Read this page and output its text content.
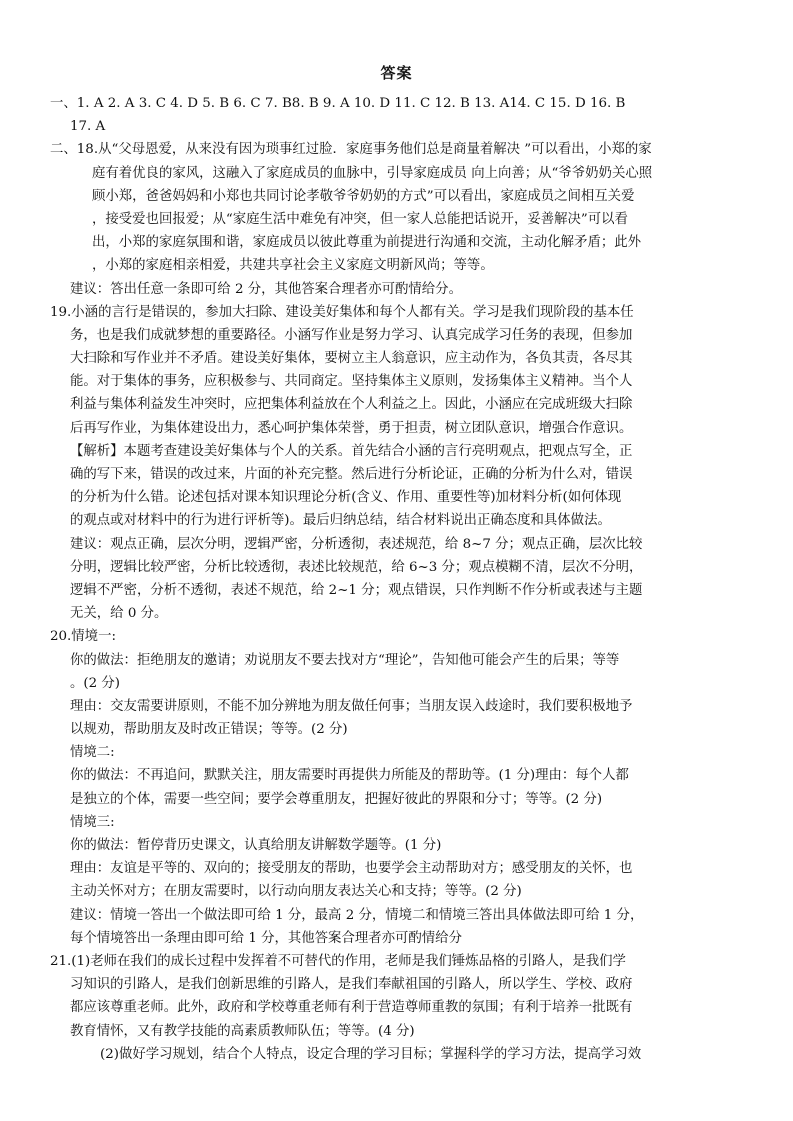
答案
一、1. A 2. A 3. C 4. D 5. B 6. C 7. B8. B 9. A 10. D 11. C 12. B 13. A14. C 15. D 16. B
17. A
二、18.从“父母恩爱，从来没有因为琐事红过脸．家庭事务他们总是商量着解决 ”可以看出，小郑的家
庭有着优良的家风，这融入了家庭成员的血脉中，引导家庭成员 向上向善；从“爷爷奶奶关心照
顾小郑，爸爸妈妈和小郑也共同讨论孝敬爷爷奶奶的方式”可以看出，家庭成员之间相互关爱
，接受爱也回报爱；从“家庭生活中难免有冲突，但一家人总能把话说开，妥善解决”可以看
出，小郑的家庭氛围和谐，家庭成员以彼此尊重为前提进行沟通和交流，主动化解矛盾；此外
，小郑的家庭相亲相爱，共建共享社会主义家庭文明新风尚；等等。
建议：答出任意一条即可给 2 分，其他答案合理者亦可酌情给分。
19.小涵的言行是错误的，参加大扫除、建设美好集体和每个人都有关。学习是我们现阶段的基本任
务，也是我们成就梦想的重要路径。小涵写作业是努力学习、认真完成学习任务的表现，但参加
大扫除和写作业并不矛盾。建设美好集体，要树立主人翁意识，应主动作为，各负其责，各尽其
能。对于集体的事务，应积极参与、共同商定。坚持集体主义原则，发扬集体主义精神。当个人
利益与集体利益发生冲突时，应把集体利益放在个人利益之上。因此，小涵应在完成班级大扫除
后再写作业，为集体建设出力，悉心呵护集体荣誉，勇于担责，树立团队意识，增强合作意识。
【解析】本题考查建设美好集体与个人的关系。首先结合小涵的言行亮明观点，把观点写全，正
确的写下来，错误的改过来，片面的补充完整。然后进行分析论证，正确的分析为什么对，错误
的分析为什么错。论述包括对课本知识理论分析(含义、作用、重要性等)加材料分析(如何体现
的观点或对材料中的行为进行评析等)。最后归纳总结，结合材料说出正确态度和具体做法。
建议：观点正确，层次分明，逻辑严密，分析透彻，表述规范，给 8~7 分；观点正确，层次比较
分明，逻辑比较严密，分析比较透彻，表述比较规范，给 6~3 分；观点模糊不清，层次不分明，
逻辑不严密，分析不透彻，表述不规范，给 2~1 分；观点错误，只作判断不作分析或表述与主题
无关，给 0 分。
20.情境一:
你的做法：拒绝朋友的邀请；劝说朋友不要去找对方“理论”，告知他可能会产生的后果；等等
。(2 分)
理由：交友需要讲原则，不能不加分辨地为朋友做任何事；当朋友误入歧途时，我们要积极地予
以规劝，帮助朋友及时改正错误；等等。(2 分)
情境二:
你的做法：不再追问，默默关注，朋友需要时再提供力所能及的帮助等。(1 分)理由：每个人都
是独立的个体，需要一些空间；要学会尊重朋友，把握好彼此的界限和分寸；等等。(2 分)
情境三:
你的做法：暂停背历史课文，认真给朋友讲解数学题等。(1 分)
理由：友谊是平等的、双向的；接受朋友的帮助，也要学会主动帮助对方；感受朋友的关怀，也
主动关怀对方；在朋友需要时，以行动向朋友表达关心和支持；等等。(2 分)
建议：情境一答出一个做法即可给 1 分，最高 2 分，情境二和情境三答出具体做法即可给 1 分，
每个情境答出一条理由即可给 1 分，其他答案合理者亦可酌情给分
21.(1)老师在我们的成长过程中发挥着不可替代的作用，老师是我们锤炼品格的引路人，是我们学
习知识的引路人，是我们创新思维的引路人，是我们奉献祖国的引路人，所以学生、学校、政府
都应该尊重老师。此外，政府和学校尊重老师有利于营造尊师重教的氛围；有利于培养一批既有
教育情怀，又有教学技能的高素质教师队伍；等等。(4 分)
(2)做好学习规划，结合个人特点，设定合理的学习目标；掌握科学的学习方法，提高学习效
